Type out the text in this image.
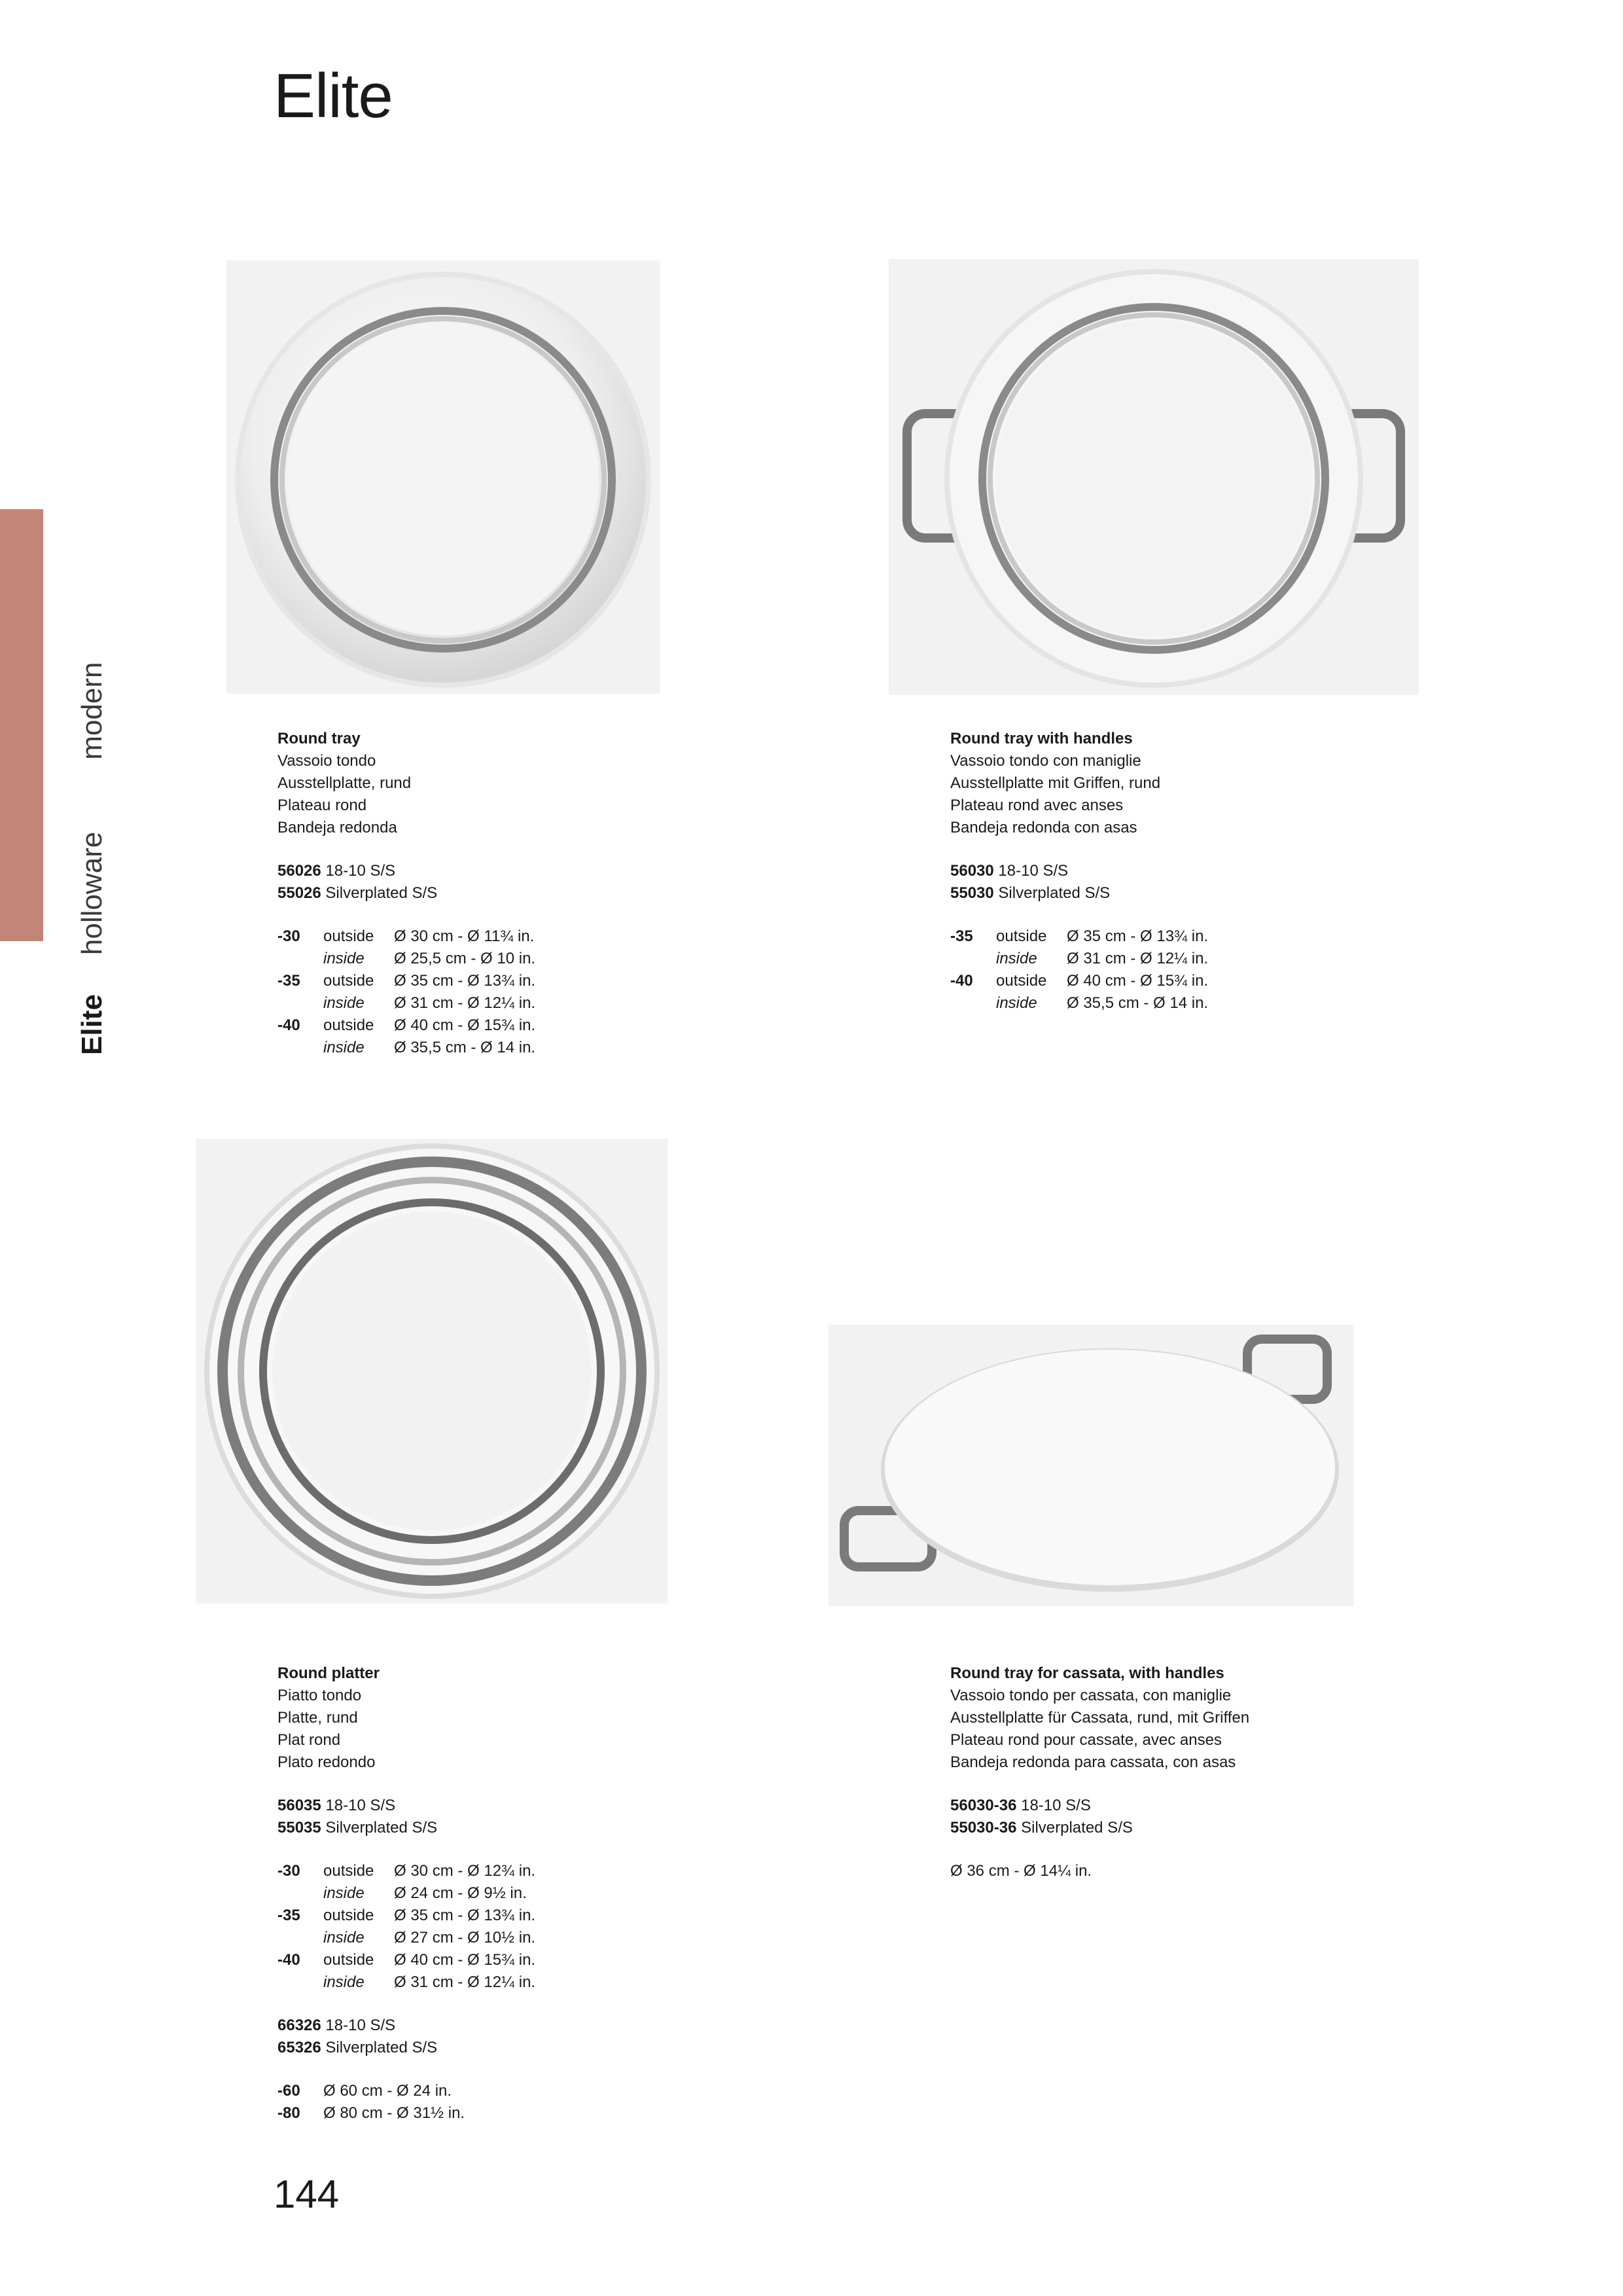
Elite
Elite
holloware
modern	Round tray

Vassoio tondo

Ausstellplatte, rund

Plateau rond

Bandeja redonda

56026 18-10 S/S

55026 Silverplated S/S

-30	outside	Ø 30 cm - Ø 11¾ in.
	inside	Ø 25,5 cm - Ø 10 in.
-35	outside	Ø 35 cm - Ø 13¾ in.
	inside	Ø 31 cm - Ø 12¼ in.
-40	outside	Ø 40 cm - Ø 15¾ in.
	inside	Ø 35,5 cm - Ø 14 in.

Round tray with handles

Vassoio tondo con maniglie

Ausstellplatte mit Griffen, rund

Plateau rond avec anses

Bandeja redonda con asas

56030 18-10 S/S

55030 Silverplated S/S

-35	outside	Ø 35 cm - Ø 13¾ in.
	inside	Ø 31 cm - Ø 12¼ in.
-40	outside	Ø 40 cm - Ø 15¾ in.
	inside	Ø 35,5 cm - Ø 14 in.

Round platter

Piatto tondo

Platte, rund

Plat rond

Plato redondo

56035 18-10 S/S

55035 Silverplated S/S

-30	outside	Ø 30 cm - Ø 12¾ in.
	inside	Ø 24 cm - Ø 9½ in.
-35	outside	Ø 35 cm - Ø 13¾ in.
	inside	Ø 27 cm - Ø 10½ in.
-40	outside	Ø 40 cm - Ø 15¾ in.
	inside	Ø 31 cm - Ø 12¼ in.

66326 18-10 S/S

65326 Silverplated S/S

-60	Ø 60 cm - Ø 24 in.
-80	Ø 80 cm - Ø 31½ in.

Round tray for cassata, with handles

Vassoio tondo per cassata, con maniglie

Ausstellplatte für Cassata, rund, mit Griffen

Plateau rond pour cassate, avec anses

Bandeja redonda para cassata, con asas

56030-36 18-10 S/S

55030-36 Silverplated S/S

Ø 36 cm - Ø 14¼ in.

144
